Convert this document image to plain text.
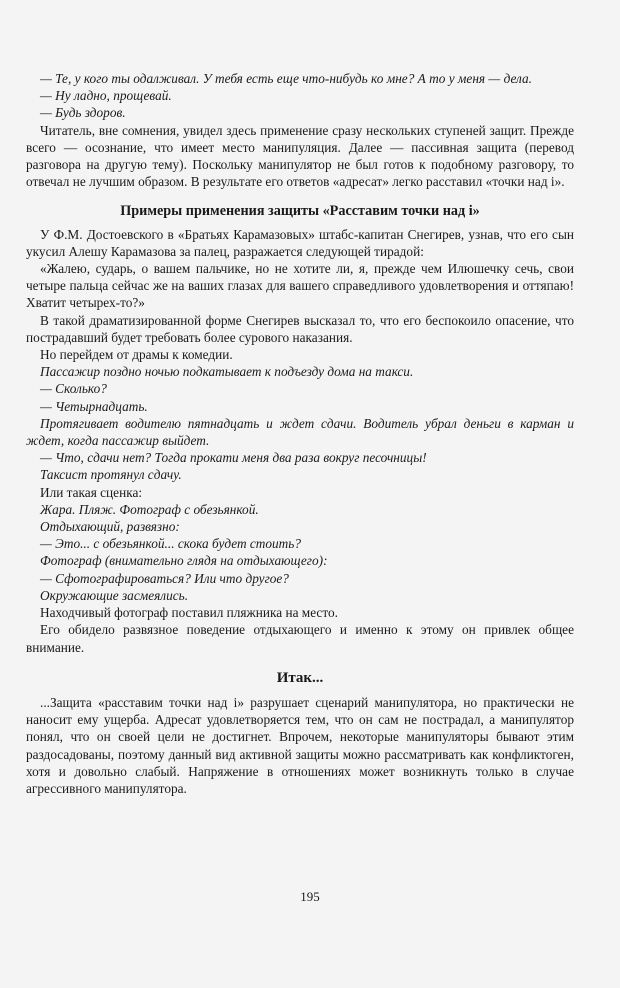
— Те, у кого ты одалживал. У тебя есть еще что-нибудь ко мне? А то у меня — дела.

— Ну ладно, прощевай.

— Будь здоров.

Читатель, вне сомнения, увидел здесь применение сразу нескольких ступеней защит. Прежде всего — осознание, что имеет место манипуляция. Далее — пассивная защита (перевод разговора на другую тему). Поскольку манипулятор не был готов к подобному разговору, то отвечал не лучшим образом. В результате его ответов «адресат» легко расставил «точки над і».

Примеры применения защиты «Расставим точки над і»

У Ф.М. Достоевского в «Братьях Карамазовых» штабс-капитан Снегирев, узнав, что его сын укусил Алешу Карамазова за палец, разражается следующей тирадой:

«Жалею, сударь, о вашем пальчике, но не хотите ли, я, прежде чем Илюшечку сечь, свои четыре пальца сейчас же на ваших глазах для вашего справедливого удовлетворения и оттяпаю! Хватит четырех-то?»

В такой драматизированной форме Снегирев высказал то, что его беспокоило опасение, что пострадавший будет требовать более сурового наказания.

Но перейдем от драмы к комедии.

Пассажир поздно ночью подкатывает к подъезду дома на такси.

— Сколько?

— Четырнадцать.

Протягивает водителю пятнадцать и ждет сдачи. Водитель убрал деньги в карман и ждет, когда пассажир выйдет.

— Что, сдачи нет? Тогда прокати меня два раза вокруг песочницы!

Таксист протянул сдачу.

Или такая сценка:

Жара. Пляж. Фотограф с обезьянкой.

Отдыхающий, развязно:

— Это... с обезьянкой... скока будет стоить?

Фотограф (внимательно глядя на отдыхающего):

— Сфотографироваться? Или что другое?

Окружающие засмеялись.

Находчивый фотограф поставил пляжника на место.

Его обидело развязное поведение отдыхающего и именно к этому он привлек общее внимание.

Итак...

...Защита «расставим точки над і» разрушает сценарий манипулятора, но практически не наносит ему ущерба. Адресат удовлетворяется тем, что он сам не пострадал, а манипулятор понял, что он своей цели не достигнет. Впрочем, некоторые манипуляторы бывают этим раздосадованы, поэтому данный вид активной защиты можно рассматривать как конфликтоген, хотя и довольно слабый. Напряжение в отношениях может возникнуть только в случае агрессивного манипулятора.

195
